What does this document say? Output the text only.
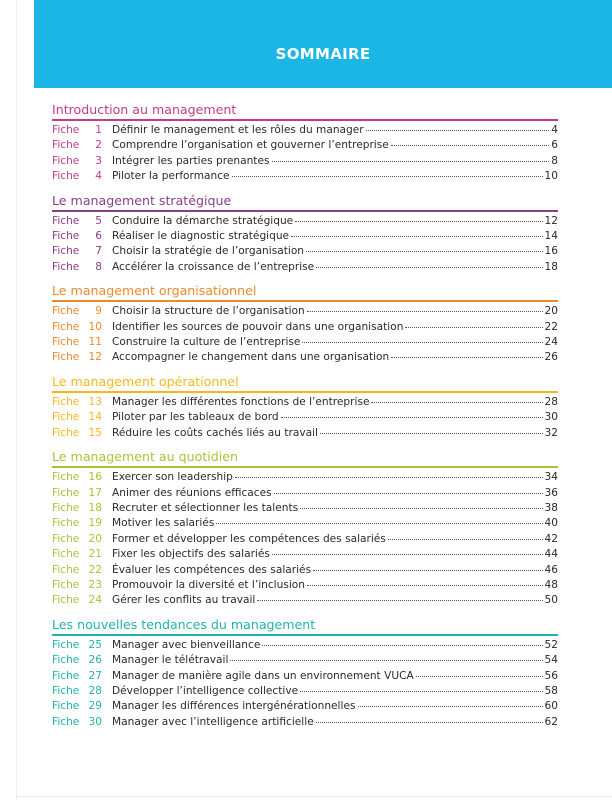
SOMMAIRE
Introduction au management
Fiche	1 Définir le management et les rôles du manager	4
Fiche	2 Comprendre l’organisation et gouverner l’entreprise	6
Fiche	3 Intégrer les parties prenantes	8
Fiche	4 Piloter la performance	10
Le management stratégique
Fiche	5 Conduire la démarche stratégique	12
Fiche	6 Réaliser le diagnostic stratégique	14
Fiche	7 Choisir la stratégie de l’organisation	16
Fiche	8 Accélérer la croissance de l’entreprise	18
Le management organisationnel
Fiche	9 Choisir la structure de l’organisation	20
Fiche 10 Identifier les sources de pouvoir dans une organisation	22
Fiche 11 Construire la culture de l’entreprise	24
Fiche 12 Accompagner le changement dans une organisation	26
Le management opérationnel
Fiche 13 Manager les différentes fonctions de l’entreprise	28
Fiche 14 Piloter par les tableaux de bord	30
Fiche 15 Réduire les coûts cachés liés au travail	32
Le management au quotidien
Fiche 16 Exercer son leadership	34
Fiche 17 Animer des réunions efficaces	36
Fiche 18 Recruter et sélectionner les talents	38
Fiche 19 Motiver les salariés	40
Fiche 20 Former et développer les compétences des salariés	42
Fiche 21 Fixer les objectifs des salariés	44
Fiche 22 Évaluer les compétences des salariés	46
Fiche 23 Promouvoir la diversité et l’inclusion	48
Fiche 24 Gérer les conflits au travail	50
Les nouvelles tendances du management
Fiche 25 Manager avec bienveillance	52
Fiche 26 Manager le télétravail	54
Fiche 27 Manager de manière agile dans un environnement VUCA	56
Fiche 28 Développer l’intelligence collective	58
Fiche 29 Manager les différences intergénérationnelles	60
Fiche 30 Manager avec l’intelligence artificielle	62
